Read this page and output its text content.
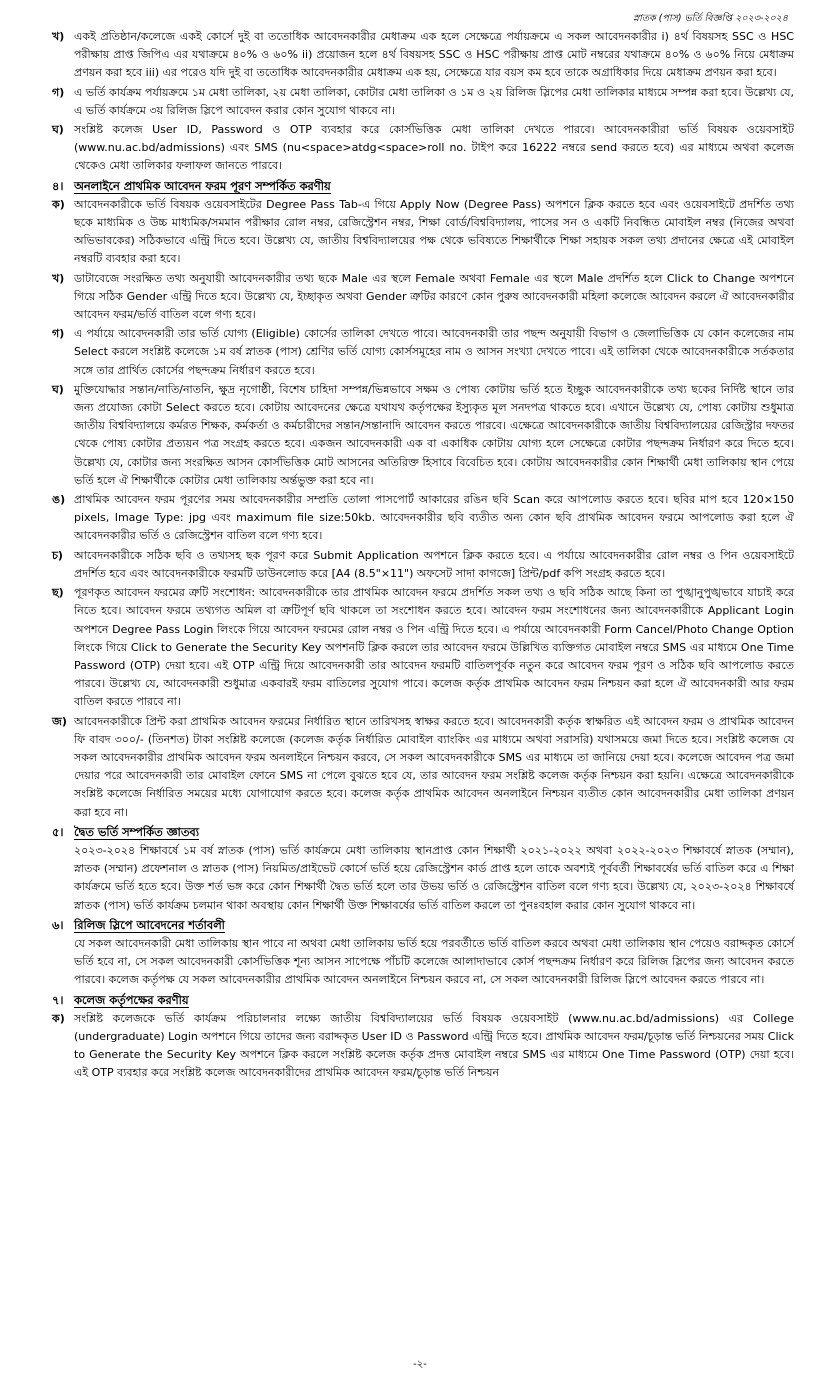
স্নাতক (পাস) ভর্তি বিজ্ঞপ্তি ২০২৩-২০২৪
খ) একই প্রতিষ্ঠান/কলেজে একই কোর্সে দুই বা ততোধিক আবেদনকারীর মেধাক্রম এক হলে সেক্ষেত্রে পর্যায়ক্রমে এ সকল আবেদনকারীর i) ৪র্থ বিষয়সহ SSC ও HSC পরীক্ষায় প্রাপ্ত জিপিএ এর যথাক্রমে ৪০% ও ৬০% ii) প্রয়োজন হলে ৪র্থ বিষয়সহ SSC ও HSC পরীক্ষায় প্রাপ্ত মোট নম্বরের যথাক্রমে ৪০% ও ৬০% নিয়ে মেধাক্রম প্রণয়ন করা হবে iii) এর পরেও যদি দুই বা ততোধিক আবেদনকারীর মেধাক্রম এক হয়, সেক্ষেত্রে যার বয়স কম হবে তাকে অগ্রাধিকার দিয়ে মেধাক্রম প্রণয়ন করা হবে।
গ) এ ভর্তি কার্যক্রম পর্যায়ক্রমে ১ম মেধা তালিকা, ২য় মেধা তালিকা, কোটার মেধা তালিকা ও ১ম ও ২য় রিলিজ স্লিপের মেধা তালিকার মাধ্যমে সম্পন্ন করা হবে। উল্লেখ্য যে, এ ভর্তি কার্যক্রমে ৩য় রিলিজ স্লিপে আবেদন করার কোন সুযোগ থাকবে না।
ঘ) সংশ্লিষ্ট কলেজ User ID, Password ও OTP ব্যবহার করে কোর্সভিত্তিক মেধা তালিকা দেখতে পারবে। আবেদনকারীরা ভর্তি বিষয়ক ওয়েবসাইট (www.nu.ac.bd/admissions) এবং SMS (nu<space>atdg<space>roll no. টাইপ করে 16222 নম্বরে send করতে হবে) এর মাধ্যমে অথবা কলেজ থেকেও মেধা তালিকার ফলাফল জানতে পারবে।
৪। অনলাইনে প্রাথমিক আবেদন ফরম পূরণ সম্পর্কিত করণীয়
ক) আবেদনকারীকে ভর্তি বিষয়ক ওয়েবসাইটের Degree Pass Tab-এ গিয়ে Apply Now (Degree Pass) অপশনে ক্লিক করতে হবে এবং ওয়েবসাইটে প্রদর্শিত তথ্য ছকে মাধ্যমিক ও উচ্চ মাধ্যমিক/সমমান পরীক্ষার রোল নম্বর, রেজিস্ট্রেশন নম্বর, শিক্ষা বোর্ড/বিশ্ববিদ্যালয়, পাসের সন ও একটি নিবন্ধিত মোবাইল নম্বর (নিজের অথবা অভিভাবকের) সঠিকভাবে এন্ট্রি দিতে হবে। উল্লেখ্য যে, জাতীয় বিশ্ববিদ্যালয়ের পক্ষ থেকে ভবিষ্যতে শিক্ষার্থীকে শিক্ষা সহায়ক সকল তথ্য প্রদানের ক্ষেত্রে এই মোবাইল নম্বরটি ব্যবহার করা হবে।
খ) ডাটাবেজে সংরক্ষিত তথ্য অনুযায়ী আবেদনকারীর তথ্য ছকে Male এর স্থলে Female অথবা Female এর স্থলে Male প্রদর্শিত হলে Click to Change অপশনে গিয়ে সঠিক Gender এন্ট্রি দিতে হবে। উল্লেখ্য যে, ইচ্ছাকৃত অথবা Gender ত্রুটির কারণে কোন পুরুষ আবেদনকারী মহিলা কলেজে আবেদন করলে ঐ আবেদনকারীর আবেদন ফরম/ভর্তি বাতিল বলে গণ্য হবে।
গ) এ পর্যায়ে আবেদনকারী তার ভর্তি যোগ্য (Eligible) কোর্সের তালিকা দেখতে পাবে। আবেদনকারী তার পছন্দ অনুযায়ী বিভাগ ও জেলাভিত্তিক যে কোন কলেজের নাম Select করলে সংশ্লিষ্ট কলেজে ১ম বর্ষ স্নাতক (পাস) শ্রেণির ভর্তি যোগ্য কোর্সসমূহের নাম ও আসন সংখ্যা দেখতে পাবে। এই তালিকা থেকে আবেদনকারীকে সর্তকতার সঙ্গে তার প্রার্থিত কোর্সের পছন্দক্রম নির্ধারণ করতে হবে।
ঘ) মুক্তিযোদ্ধার সন্তান/নাতি/নাতনি, ক্ষুদ্র নৃগোষ্ঠী, বিশেষ চাহিদা সম্পন্ন/ভিন্নভাবে সক্ষম ও পোষ্য কোটায় ভর্তি হতে ইচ্ছুক আবেদনকারীকে তথ্য ছকের নির্দিষ্ট স্থানে তার জন্য প্রযোজ্য কোটা Select করতে হবে। কোটায় আবেদনের ক্ষেত্রে যথাযথ কর্তৃপক্ষের ইস্যুকৃত মূল সনদপত্র থাকতে হবে। এখানে উল্লেখ্য যে, পোষ্য কোটায় শুধুমাত্র জাতীয় বিশ্ববিদ্যালয়ে কর্মরত শিক্ষক, কর্মকর্তা ও কর্মচারীদের সন্তান/সন্তানাদি আবেদন করতে পারবে। এক্ষেত্রে আবেদনকারীকে জাতীয় বিশ্ববিদ্যালয়ের রেজিস্ট্রার দফতর থেকে পোষ্য কোটার প্রত্যয়ন পত্র সংগ্রহ করতে হবে। একজন আবেদনকারী এক বা একাধিক কোটায় যোগ্য হলে সেক্ষেত্রে কোটার পছন্দক্রম নির্ধারণ করে দিতে হবে। উল্লেখ্য যে, কোটার জন্য সংরক্ষিত আসন কোর্সভিত্তিক মোট আসনের অতিরিক্ত হিসাবে বিবেচিত হবে। কোটায় আবেদনকারীর কোন শিক্ষার্থী মেধা তালিকায় স্থান পেয়ে ভর্তি হলে ঐ শিক্ষার্থীকে কোটার মেধা তালিকায় অর্ন্তভুক্ত করা হবে না।
ঙ) প্রাথমিক আবেদন ফরম পূরণের সময় আবেদনকারীর সম্প্রতি তোলা পাসপোর্ট আকারের রঙিন ছবি Scan করে আপলোড করতে হবে। ছবির মাপ হবে 120×150 pixels, Image Type: jpg এবং maximum file size:50kb. আবেদনকারীর ছবি ব্যতীত অন্য কোন ছবি প্রাথমিক আবেদন ফরমে আপলোড করা হলে ঐ আবেদনকারীর ভর্তি ও রেজিস্ট্রেশন বাতিল বলে গণ্য হবে।
চ)	আবেদনকারীকে সঠিক ছবি ও তথ্যসহ ছক পূরণ করে Submit Application অপশনে ক্লিক করতে হবে। এ পর্যায়ে আবেদনকারীর রোল নম্বর ও পিন ওয়েবসাইটে প্রদর্শিত হবে এবং আবেদনকারীকে ফরমটি ডাউনলোড করে [A4 (8.5"×11") অফসেট সাদা কাগজে] প্রিন্ট/pdf কপি সংগ্রহ করতে হবে।
ছ) পূরণকৃত আবেদন ফরমের ত্রুটি সংশোধন: আবেদনকারীকে তার প্রাথমিক আবেদন ফরমে প্রদর্শিত সকল তথ্য ও ছবি সঠিক আছে কিনা তা পুঙ্খানুপুঙ্খভাবে যাচাই করে নিতে হবে। আবেদন ফরমে তথ্যগত অমিল বা ত্রুটিপূর্ণ ছবি থাকলে তা সংশোধন করতে হবে। আবেদন ফরম সংশোধনের জন্য আবেদনকারীকে Applicant Login অপশনে Degree Pass Login লিংকে গিয়ে আবেদন ফরমের রোল নম্বর ও পিন এন্ট্রি দিতে হবে। এ পর্যায়ে আবেদনকারী Form Cancel/Photo Change Option লিংকে গিয়ে Click to Generate the Security Key অপশনটি ক্লিক করলে তার আবেদন ফরমে উল্লিখিত ব্যক্তিগত মোবাইল নম্বরে SMS এর মাধ্যমে One Time Password (OTP) দেয়া হবে। এই OTP এন্ট্রি দিয়ে আবেদনকারী তার আবেদন ফরমটি বাতিলপূর্বক নতুন করে আবেদন ফরম পূরণ ও সঠিক ছবি আপলোড করতে পারবে। উল্লেখ্য যে, আবেদনকারী শুধুমাত্র একবারই ফরম বাতিলের সুযোগ পাবে। কলেজ কর্তৃক প্রাথমিক আবেদন ফরম নিশ্চয়ন করা হলে ঐ আবেদনকারী আর ফরম বাতিল করতে পারবে না।
জ) আবেদনকারীকে প্রিন্ট করা প্রাথমিক আবেদন ফরমের নির্ধারিত স্থানে তারিখসহ স্বাক্ষর করতে হবে। আবেদনকারী কর্তৃক স্বাক্ষরিত এই আবেদন ফরম ও প্রাথমিক আবেদন ফি বাবদ ৩০০/- (তিনশত) টাকা সংশ্লিষ্ট কলেজে (কলেজ কর্তৃক নির্ধারিত মোবাইল ব্যাংকিং এর মাধ্যমে অথবা সরাসরি) যথাসময়ে জমা দিতে হবে। সংশ্লিষ্ট কলেজ যে সকল আবেদনকারীর প্রাথমিক আবেদন ফরম অনলাইনে নিশ্চয়ন করবে, সে সকল আবেদনকারীকে SMS এর মাধ্যমে তা জানিয়ে দেয়া হবে। কলেজে আবেদন পত্র জমা দেয়ার পরে আবেদনকারী তার মোবাইল ফোনে SMS না পেলে বুঝতে হবে যে, তার আবেদন ফরম সংশ্লিষ্ট কলেজ কর্তৃক নিশ্চয়ন করা হয়নি। এক্ষেত্রে আবেদনকারীকে সংশ্লিষ্ট কলেজে নির্ধারিত সময়ের মধ্যে যোগাযোগ করতে হবে। কলেজ কর্তৃক প্রাথমিক আবেদন অনলাইনে নিশ্চয়ন ব্যতীত কোন আবেদনকারীর মেধা তালিকা প্রণয়ন করা হবে না।
৫। দ্বৈত ভর্তি সম্পর্কিত জ্ঞাতব্য
২০২৩-২০২৪ শিক্ষাবর্ষে ১ম বর্ষ স্নাতক (পাস) ভর্তি কার্যক্রমে মেধা তালিকায় স্থানপ্রাপ্ত কোন শিক্ষার্থী ২০২১-২০২২ অথবা ২০২২-২০২৩ শিক্ষাবর্ষে স্নাতক (সম্মান), স্নাতক (সম্মান) প্রফেশনাল ও স্নাতক (পাস) নিয়মিত/প্রাইভেট কোর্সে ভর্তি হয়ে রেজিস্ট্রেশন কার্ড প্রাপ্ত হলে তাকে অবশ্যই পূর্ববর্তী শিক্ষাবর্ষের ভর্তি বাতিল করে এ শিক্ষা কার্যক্রমে ভর্তি হতে হবে। উক্ত শর্ত ভঙ্গ করে কোন শিক্ষার্থী দ্বৈত ভর্তি হলে তার উভয় ভর্তি ও রেজিস্ট্রেশন বাতিল বলে গণ্য হবে। উল্লেখ্য যে, ২০২৩-২০২৪ শিক্ষাবর্ষে স্নাতক (পাস) ভর্তি কার্যক্রম চলমান থাকা অবস্থায় কোন শিক্ষার্থী উক্ত শিক্ষাবর্ষের ভর্তি বাতিল করলে তা পুনঃবহাল করার কোন সুযোগ থাকবে না।
৬। রিলিজ স্লিপে আবেদনের শর্তাবলী
যে সকল আবেদনকারী মেধা তালিকায় স্থান পাবে না অথবা মেধা তালিকায় ভর্তি হয়ে পরবর্তীতে ভর্তি বাতিল করবে অথবা মেধা তালিকায় স্থান পেয়েও বরাদ্দকৃত কোর্সে ভর্তি হবে না, সে সকল আবেদনকারী কোর্সভিত্তিক শূন্য আসন সাপেক্ষে পাঁচটি কলেজে আলাদাভাবে কোর্স পছন্দক্রম নির্ধারণ করে রিলিজ স্লিপের জন্য আবেদন করতে পারবে। কলেজ কর্তৃপক্ষ যে সকল আবেদনকারীর প্রাথমিক আবেদন অনলাইনে নিশ্চয়ন করবে না, সে সকল আবেদনকারী রিলিজ স্লিপে আবেদন করতে পারবে না।
৭। কলেজ কর্তৃপক্ষের করণীয়
ক) সংশ্লিষ্ট কলেজকে ভর্তি কার্যক্রম পরিচালনার লক্ষ্যে জাতীয় বিশ্ববিদ্যালয়ের ভর্তি বিষয়ক ওয়েবসাইট (www.nu.ac.bd/admissions) এর College (undergraduate) Login অপশনে গিয়ে তাদের জন্য বরাদ্দকৃত User ID ও Password এন্ট্রি দিতে হবে। প্রাথমিক আবেদন ফরম/চূড়ান্ত ভর্তি নিশ্চয়নের সময় Click to Generate the Security Key অপশনে ক্লিক করলে সংশ্লিষ্ট কলেজ কর্তৃক প্রদত্ত মোবাইল নম্বরে SMS এর মাধ্যমে One Time Password (OTP) দেয়া হবে। এই OTP ব্যবহার করে সংশ্লিষ্ট কলেজ আবেদনকারীদের প্রাথমিক আবেদন ফরম/চূড়ান্ত ভর্তি নিশ্চয়ন
-২-
